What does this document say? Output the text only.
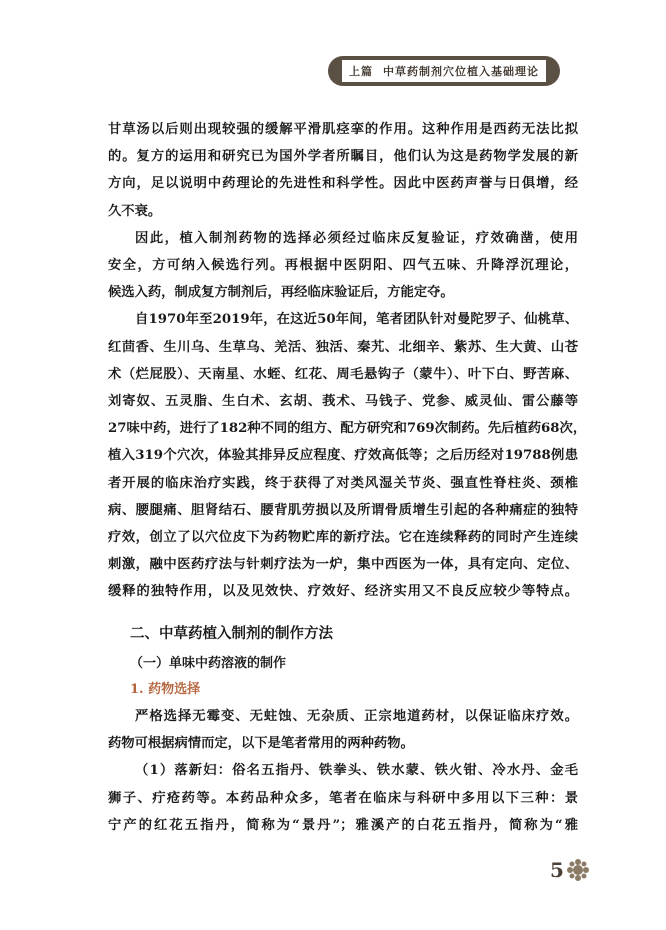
上篇 中草药制剂穴位植入基础理论
甘草汤以后则出现较强的缓解平滑肌痉挛的作用。这种作用是西药无法比拟
的。复方的运用和研究已为国外学者所瞩目，他们认为这是药物学发展的新
方向，足以说明中药理论的先进性和科学性。因此中医药声誉与日俱增，经
久不衰。
因此，植入制剂药物的选择必须经过临床反复验证，疗效确凿，使用
安全，方可纳入候选行列。再根据中医阴阳、四气五味、升降浮沉理论，
候选入药，制成复方制剂后，再经临床验证后，方能定夺。
自1970年至2019年，在这近50年间，笔者团队针对曼陀罗子、仙桃草、
红茴香、生川乌、生草乌、羌活、独活、秦艽、北细辛、紫苏、生大黄、山苍
术（烂屁股）、天南星、水蛭、红花、周毛悬钩子（蒙牛）、叶下白、野苦麻、
刘寄奴、五灵脂、生白术、玄胡、莪术、马钱子、党参、威灵仙、雷公藤等
27味中药，进行了182种不同的组方、配方研究和769次制药。先后植药68次，
植入319个穴次，体验其排异反应程度、疗效高低等；之后历经对19788例患
者开展的临床治疗实践，终于获得了对类风湿关节炎、强直性脊柱炎、颈椎
病、腰腿痛、胆肾结石、腰背肌劳损以及所谓骨质增生引起的各种痛症的独特
疗效，创立了以穴位皮下为药物贮库的新疗法。它在连续释药的同时产生连续
刺激，融中医药疗法与针刺疗法为一炉，集中西医为一体，具有定向、定位、
缓释的独特作用，以及见效快、疗效好、经济实用又不良反应较少等特点。
二、中草药植入制剂的制作方法
（一）单味中药溶液的制作
1. 药物选择
严格选择无霉变、无蛀蚀、无杂质、正宗地道药材，以保证临床疗效。
药物可根据病情而定，以下是笔者常用的两种药物。
（1）落新妇：俗名五指丹、铁拳头、铁水蒙、铁火钳、冷水丹、金毛
狮子、疔疮药等。本药品种众多，笔者在临床与科研中多用以下三种：景
宁产的红花五指丹，简称为“景丹”；雅溪产的白花五指丹，简称为“雅
5
